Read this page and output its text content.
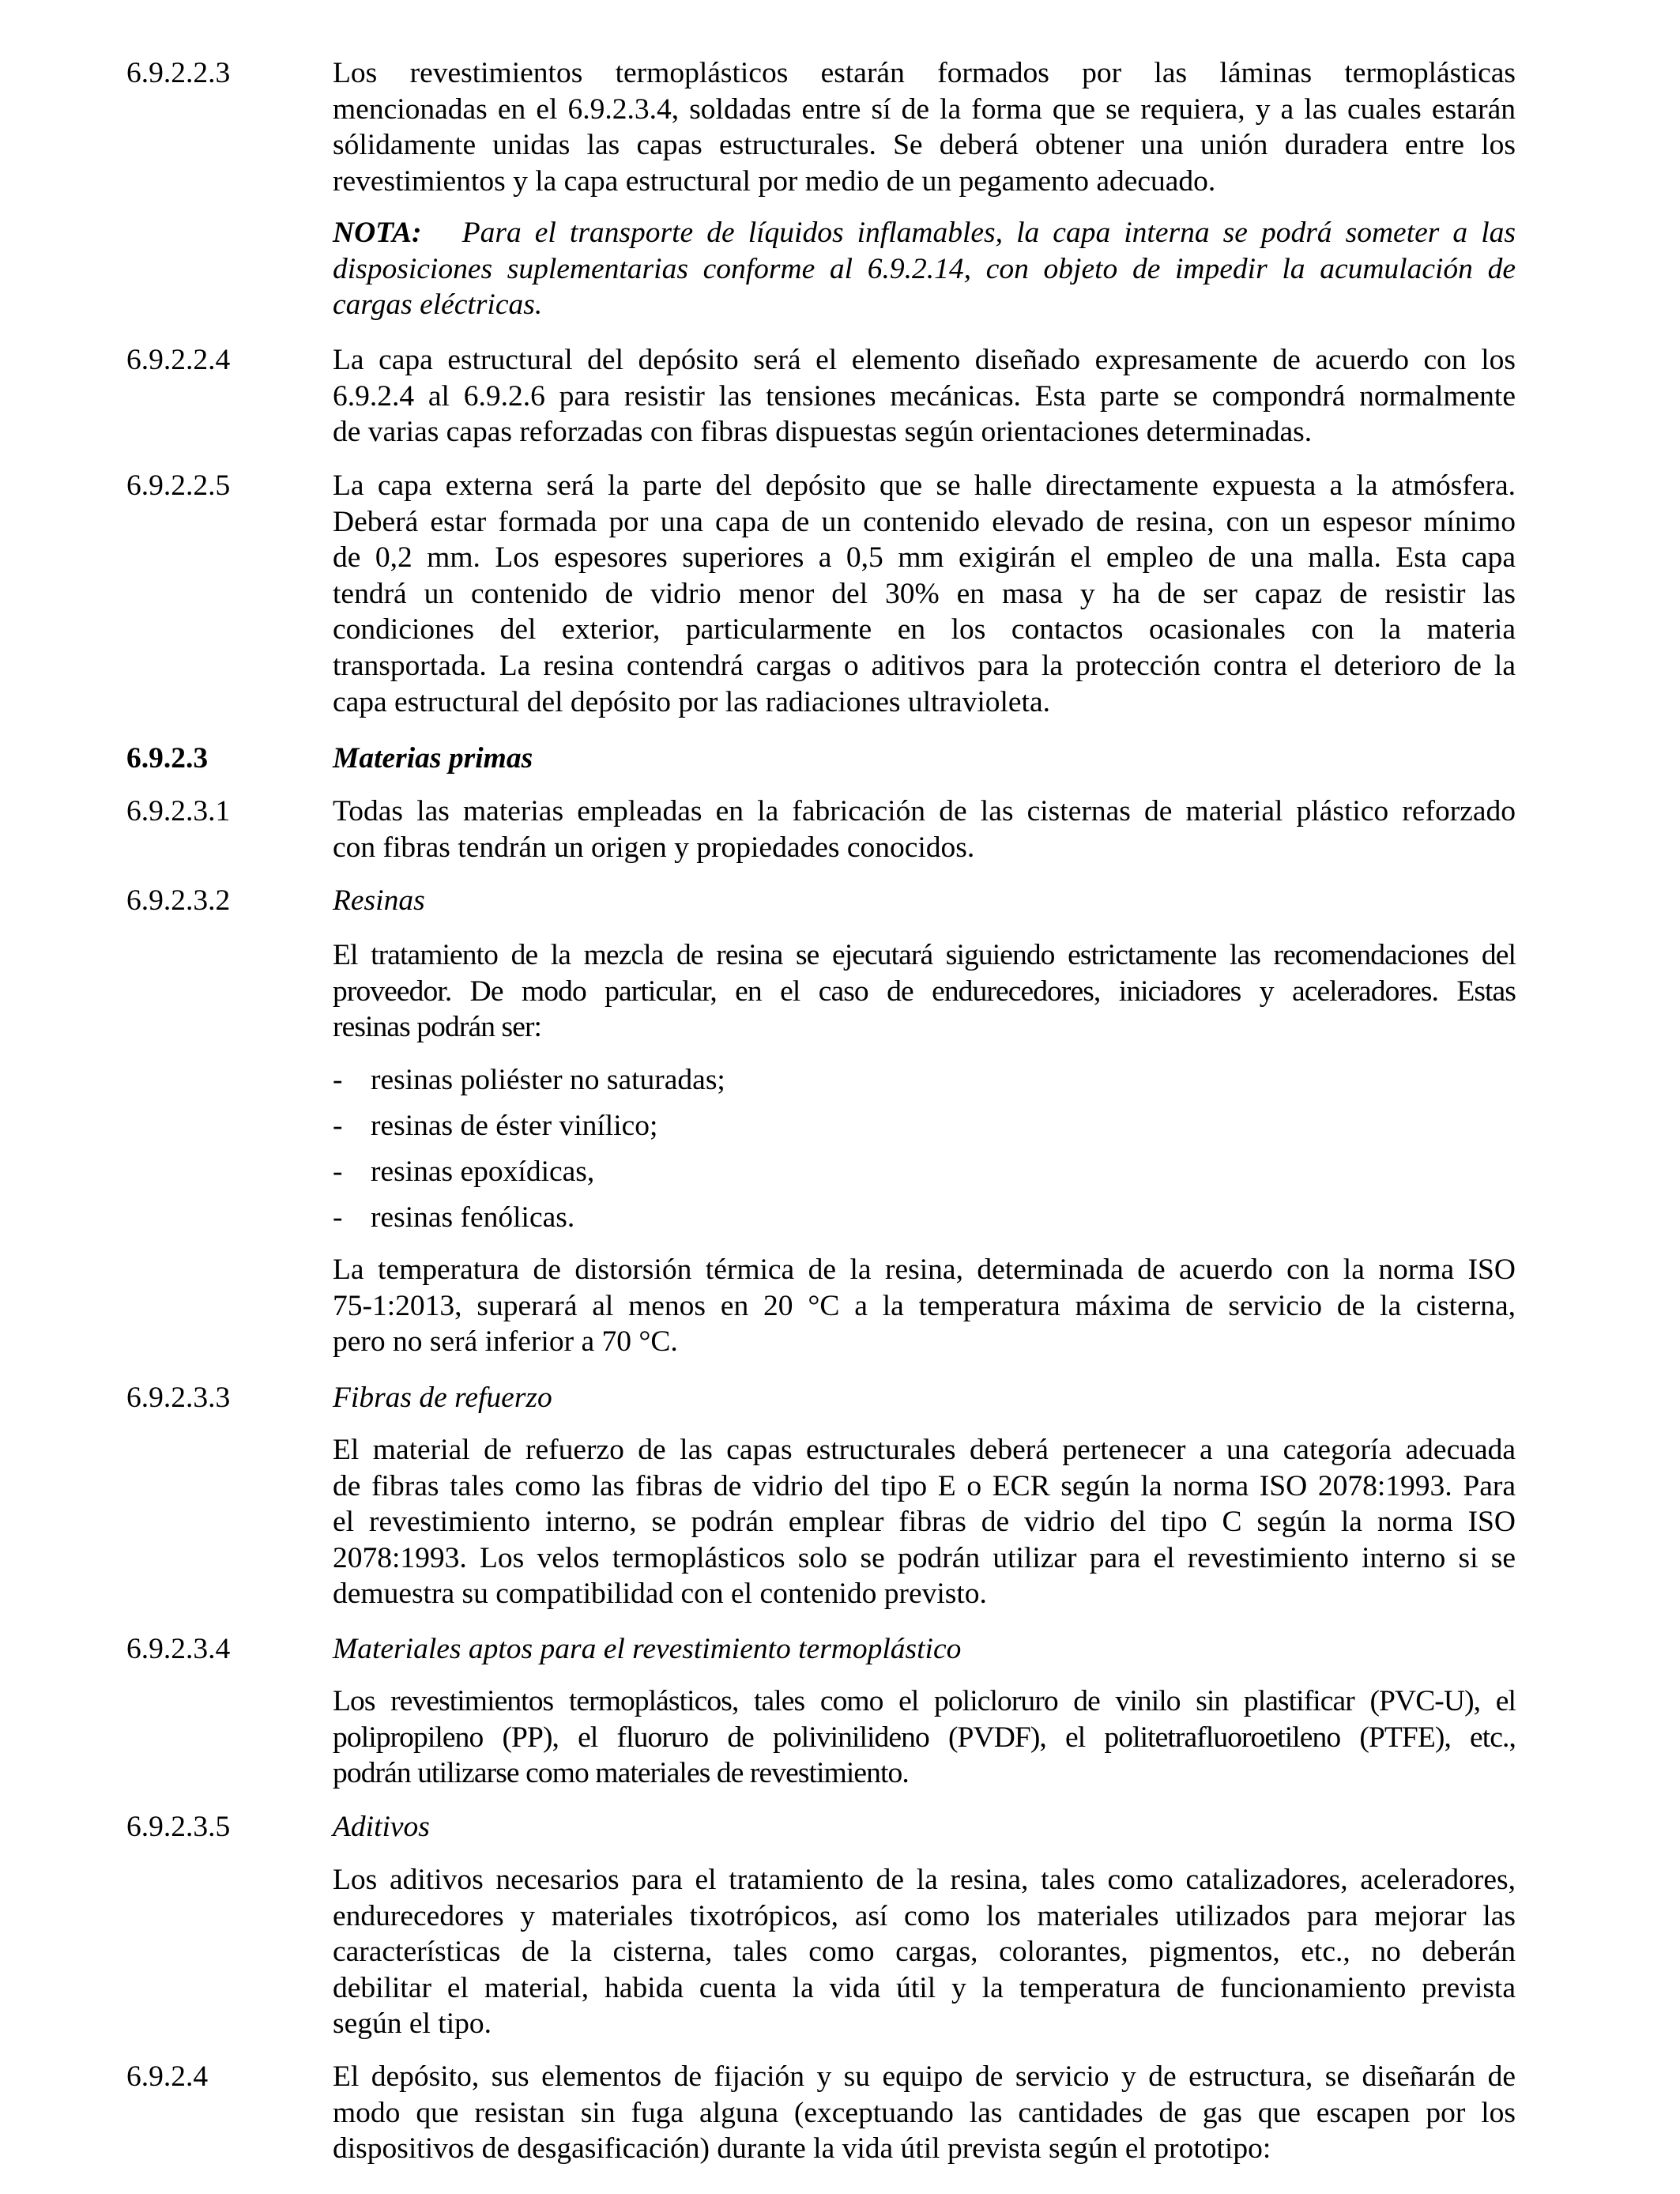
6.9.2.2.3	Los revestimientos termoplásticos estarán formados por las láminas termoplásticas
mencionadas en el 6.9.2.3.4, soldadas entre sí de la forma que se requiera, y a las cuales estarán
sólidamente unidas las capas estructurales. Se deberá obtener una unión duradera entre los
revestimientos y la capa estructural por medio de un pegamento adecuado.
NOTA: Para el transporte de líquidos inflamables, la capa interna se podrá someter a las
disposiciones suplementarias conforme al 6.9.2.14, con objeto de impedir la acumulación de
cargas eléctricas.
6.9.2.2.4	La capa estructural del depósito será el elemento diseñado expresamente de acuerdo con los
6.9.2.4 al 6.9.2.6 para resistir las tensiones mecánicas. Esta parte se compondrá normalmente
de varias capas reforzadas con fibras dispuestas según orientaciones determinadas.
6.9.2.2.5	La capa externa será la parte del depósito que se halle directamente expuesta a la atmósfera.
Deberá estar formada por una capa de un contenido elevado de resina, con un espesor mínimo
de 0,2 mm. Los espesores superiores a 0,5 mm exigirán el empleo de una malla. Esta capa
tendrá un contenido de vidrio menor del 30% en masa y ha de ser capaz de resistir las
condiciones del exterior, particularmente en los contactos ocasionales con la materia
transportada. La resina contendrá cargas o aditivos para la protección contra el deterioro de la
capa estructural del depósito por las radiaciones ultravioleta.
6.9.2.3	Materias primas
6.9.2.3.1	Todas las materias empleadas en la fabricación de las cisternas de material plástico reforzado
con fibras tendrán un origen y propiedades conocidos.
6.9.2.3.2	Resinas
El tratamiento de la mezcla de resina se ejecutará siguiendo estrictamente las recomendaciones del
proveedor. De modo particular, en el caso de endurecedores, iniciadores y aceleradores. Estas
resinas podrán ser:
- resinas poliéster no saturadas;
- resinas de éster vinílico;
- resinas epoxídicas,
- resinas fenólicas.
La temperatura de distorsión térmica de la resina, determinada de acuerdo con la norma ISO
75-1:2013, superará al menos en 20 °C a la temperatura máxima de servicio de la cisterna,
pero no será inferior a 70 °C.
6.9.2.3.3	Fibras de refuerzo
El material de refuerzo de las capas estructurales deberá pertenecer a una categoría adecuada
de fibras tales como las fibras de vidrio del tipo E o ECR según la norma ISO 2078:1993. Para
el revestimiento interno, se podrán emplear fibras de vidrio del tipo C según la norma ISO
2078:1993. Los velos termoplásticos solo se podrán utilizar para el revestimiento interno si se
demuestra su compatibilidad con el contenido previsto.
6.9.2.3.4	Materiales aptos para el revestimiento termoplástico
Los revestimientos termoplásticos, tales como el policloruro de vinilo sin plastificar (PVC-U), el
polipropileno (PP), el fluoruro de polivinilideno (PVDF), el politetrafluoroetileno (PTFE), etc.,
podrán utilizarse como materiales de revestimiento.
6.9.2.3.5	Aditivos
Los aditivos necesarios para el tratamiento de la resina, tales como catalizadores, aceleradores,
endurecedores y materiales tixotrópicos, así como los materiales utilizados para mejorar las
características de la cisterna, tales como cargas, colorantes, pigmentos, etc., no deberán
debilitar el material, habida cuenta la vida útil y la temperatura de funcionamiento prevista
según el tipo.
6.9.2.4	El depósito, sus elementos de fijación y su equipo de servicio y de estructura, se diseñarán de
modo que resistan sin fuga alguna (exceptuando las cantidades de gas que escapen por los
dispositivos de desgasificación) durante la vida útil prevista según el prototipo:
